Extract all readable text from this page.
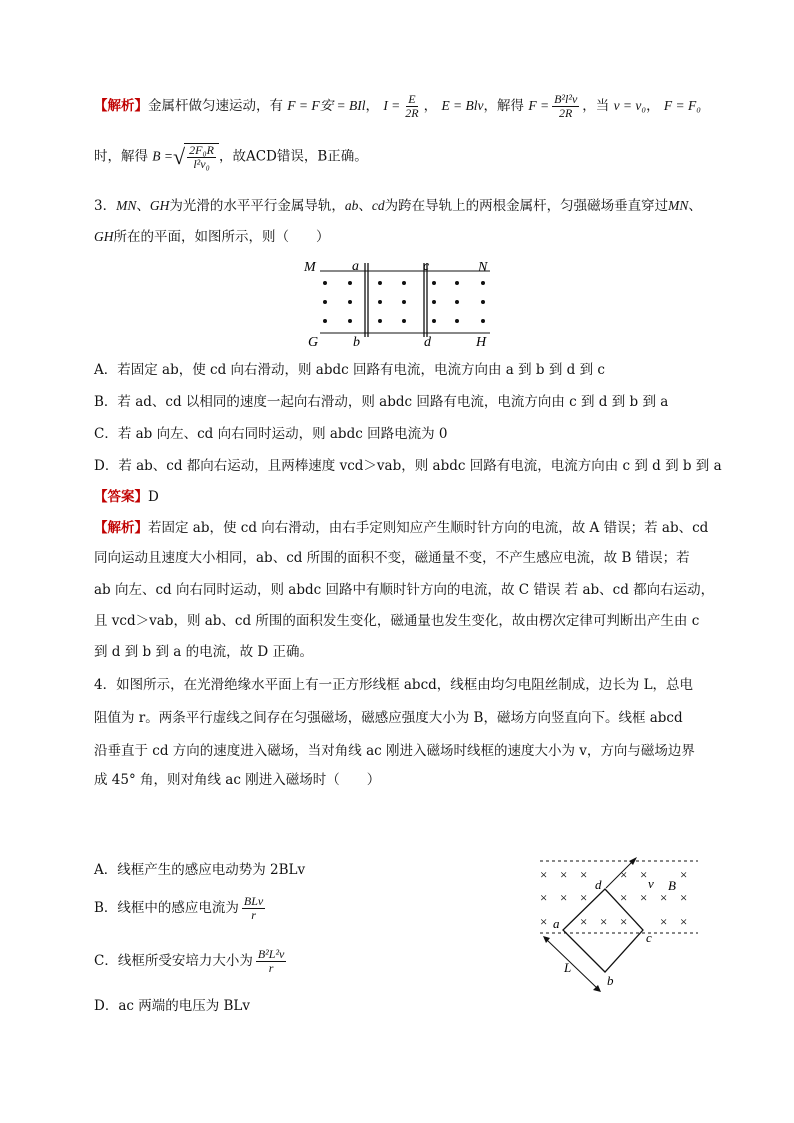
【解析】金属杆做匀速运动，有 F = F安 = BIl， $I = \frac{E}{2R}$ ， E = Blv，解得 $F = \frac{\text{B²l²v}}{2R}$ ，当 v = v₀， F = F₀
时，解得 B = √ $\frac{\text{2F₀R}}{\text{l²v₀}}$ ，故ACD错误，B正确。
3．MN、GH为光滑的水平平行金属导轨，ab、cd为跨在导轨上的两根金属杆，匀强磁场垂直穿过MN、
GH所在的平面，如图所示，则（　　）
M	a	c	N
G b	d	H
A．若固定 ab，使 cd 向右滑动，则 abdc 回路有电流，电流方向由 a 到 b 到 d 到 c
B．若 ad、cd 以相同的速度一起向右滑动，则 abdc 回路有电流，电流方向由 c 到 d 到 b 到 a
C．若 ab 向左、cd 向右同时运动，则 abdc 回路电流为 0
D．若 ab、cd 都向右运动，且两棒速度 vcd＞vab，则 abdc 回路有电流，电流方向由 c 到 d 到 b 到 a
【答案】D
【解析】若固定 ab，使 cd 向右滑动，由右手定则知应产生顺时针方向的电流，故 A 错误；若 ab、cd
同向运动且速度大小相同，ab、cd 所围的面积不变，磁通量不变，不产生感应电流，故 B 错误；若
ab 向左、cd 向右同时运动，则 abdc 回路中有顺时针方向的电流，故 C 错误 若 ab、cd 都向右运动，
且 vcd＞vab，则 ab、cd 所围的面积发生变化，磁通量也发生变化，故由楞次定律可判断出产生由 c
到 d 到 b 到 a 的电流，故 D 正确。
4．如图所示，在光滑绝缘水平面上有一正方形线框 abcd，线框由均匀电阻丝制成，边长为 L，总电
阻值为 r。两条平行虚线之间存在匀强磁场，磁感应强度大小为 B，磁场方向竖直向下。线框 abcd
沿垂直于 cd 方向的速度进入磁场，当对角线 ac 刚进入磁场时线框的速度大小为 v，方向与磁场边界
成 45° 角，则对角线 ac 刚进入磁场时（　　）
A．线框产生的感应电动势为 2BLv
B．线框中的感应电流为 $\frac{\text{BLv}}{r}$
C．线框所受安培力大小为 $\frac{\text{B²L²v}}{r}$
D．ac 两端的电压为 BLv
× × ×	× ×	×
× × ×	× × × ×
×	× × ×	× ×
d	v B
a
c
L
b
